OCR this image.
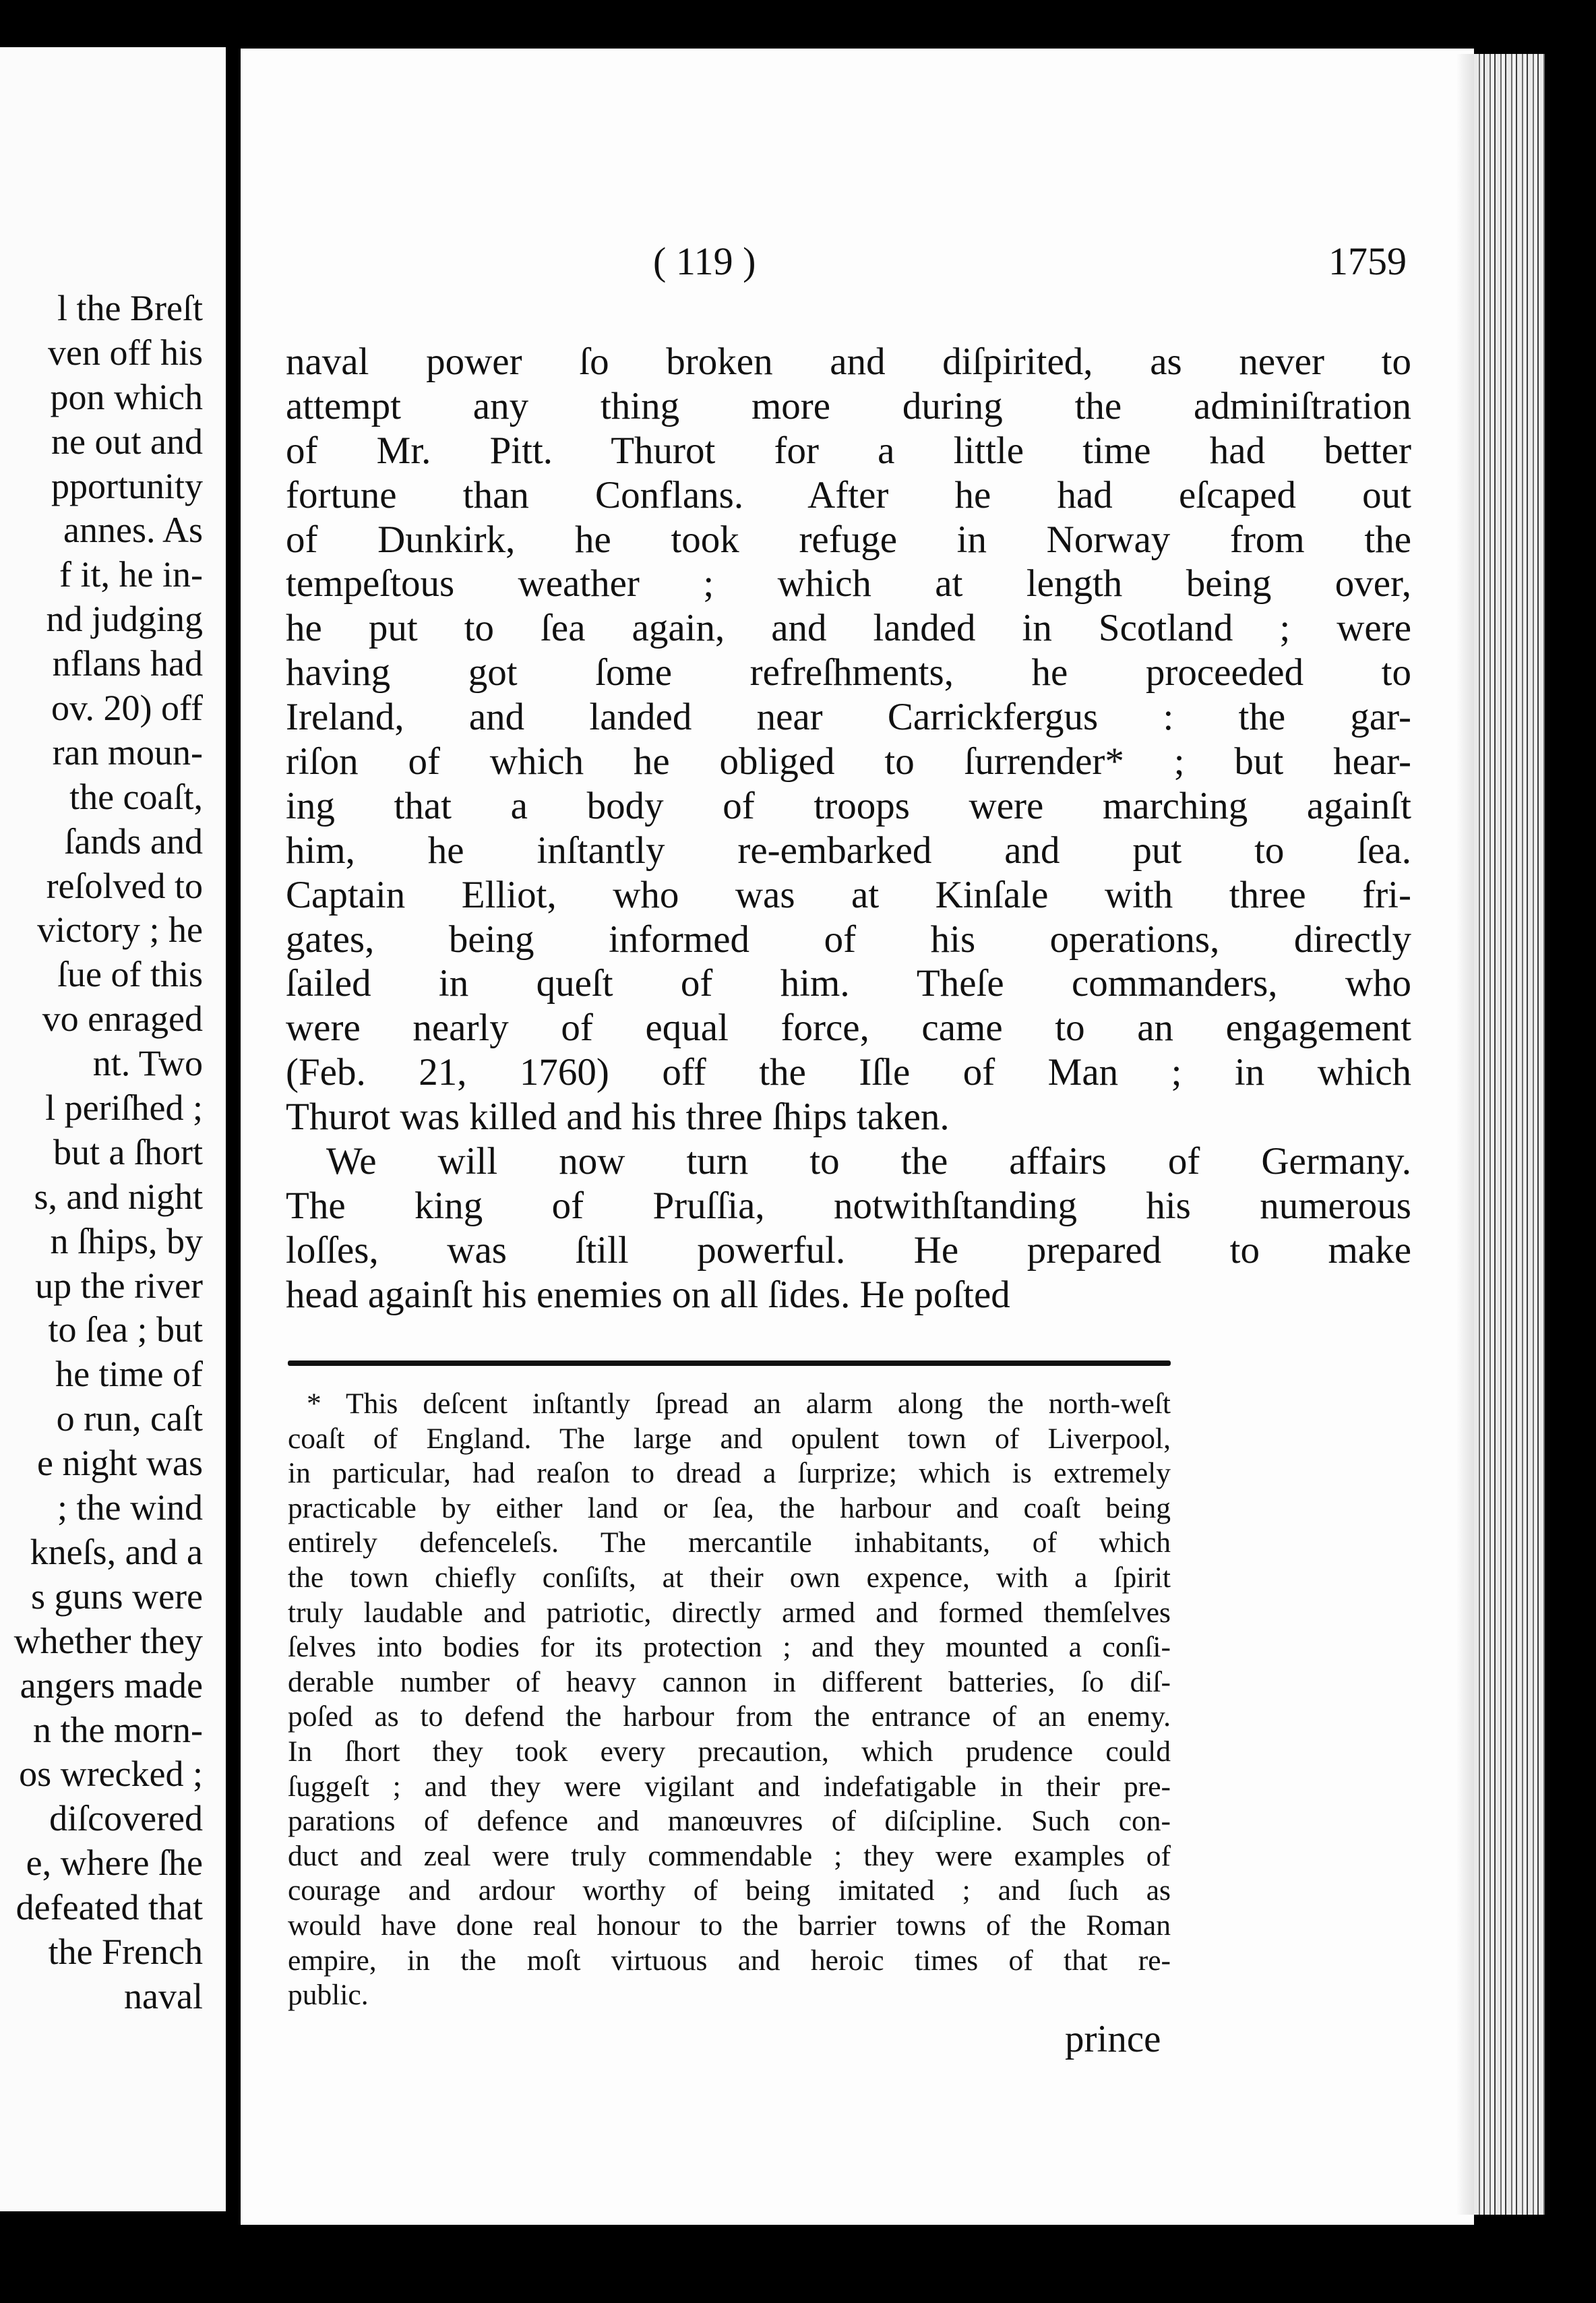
l the Breſt
ven off his
pon which
ne out and
pportunity
annes. As
f it, he in-
nd judging
nflans had
ov. 20) off
ran moun-
the coaſt,
ſands and
reſolved to
victory ; he
ſue of this
vo enraged
nt. Two
l periſhed ;
but a ſhort
s, and night
n ſhips, by
up the river
to ſea ; but
he time of
o run, caſt
e night was
; the wind
kneſs, and a
s guns were
whether they
angers made
n the morn-
os wrecked ;
diſcovered
e, where ſhe
defeated that
the French
naval
( 119 )	1759
naval power ſo broken and diſpirited, as never to
attempt any thing more during the adminiſtration
of Mr. Pitt. Thurot for a little time had better
fortune than Conflans. After he had eſcaped out
of Dunkirk, he took refuge in Norway from the
tempeſtous weather ; which at length being over,
he put to ſea again, and landed in Scotland ; were
having got ſome refreſhments, he proceeded to
Ireland, and landed near Carrickfergus : the gar-
riſon of which he obliged to ſurrender* ; but hear-
ing that a body of troops were marching againſt
him, he inſtantly re-embarked and put to ſea.
Captain Elliot, who was at Kinſale with three fri-
gates, being informed of his operations, directly
ſailed in queſt of him. Theſe commanders, who
were nearly of equal force, came to an engagement
(Feb. 21, 1760) off the Iſle of Man ; in which
Thurot was killed and his three ſhips taken.
We will now turn to the affairs of Germany.
The king of Pruſſia, notwithſtanding his numerous
loſſes, was ſtill powerful. He prepared to make
head againſt his enemies on all ſides. He poſted
* This deſcent inſtantly ſpread an alarm along the north-weſt
coaſt of England. The large and opulent town of Liverpool,
in particular, had reaſon to dread a ſurprize; which is extremely
practicable by either land or ſea, the harbour and coaſt being
entirely defenceleſs. The mercantile inhabitants, of which
the town chiefly conſiſts, at their own expence, with a ſpirit
truly laudable and patriotic, directly armed and formed themſelves
ſelves into bodies for its protection ; and they mounted a conſi-
derable number of heavy cannon in different batteries, ſo diſ-
poſed as to defend the harbour from the entrance of an enemy.
In ſhort they took every precaution, which prudence could
ſuggeſt ; and they were vigilant and indefatigable in their pre-
parations of defence and manœuvres of diſcipline. Such con-
duct and zeal were truly commendable ; they were examples of
courage and ardour worthy of being imitated ; and ſuch as
would have done real honour to the barrier towns of the Roman
empire, in the moſt virtuous and heroic times of that re-
public.
prince
